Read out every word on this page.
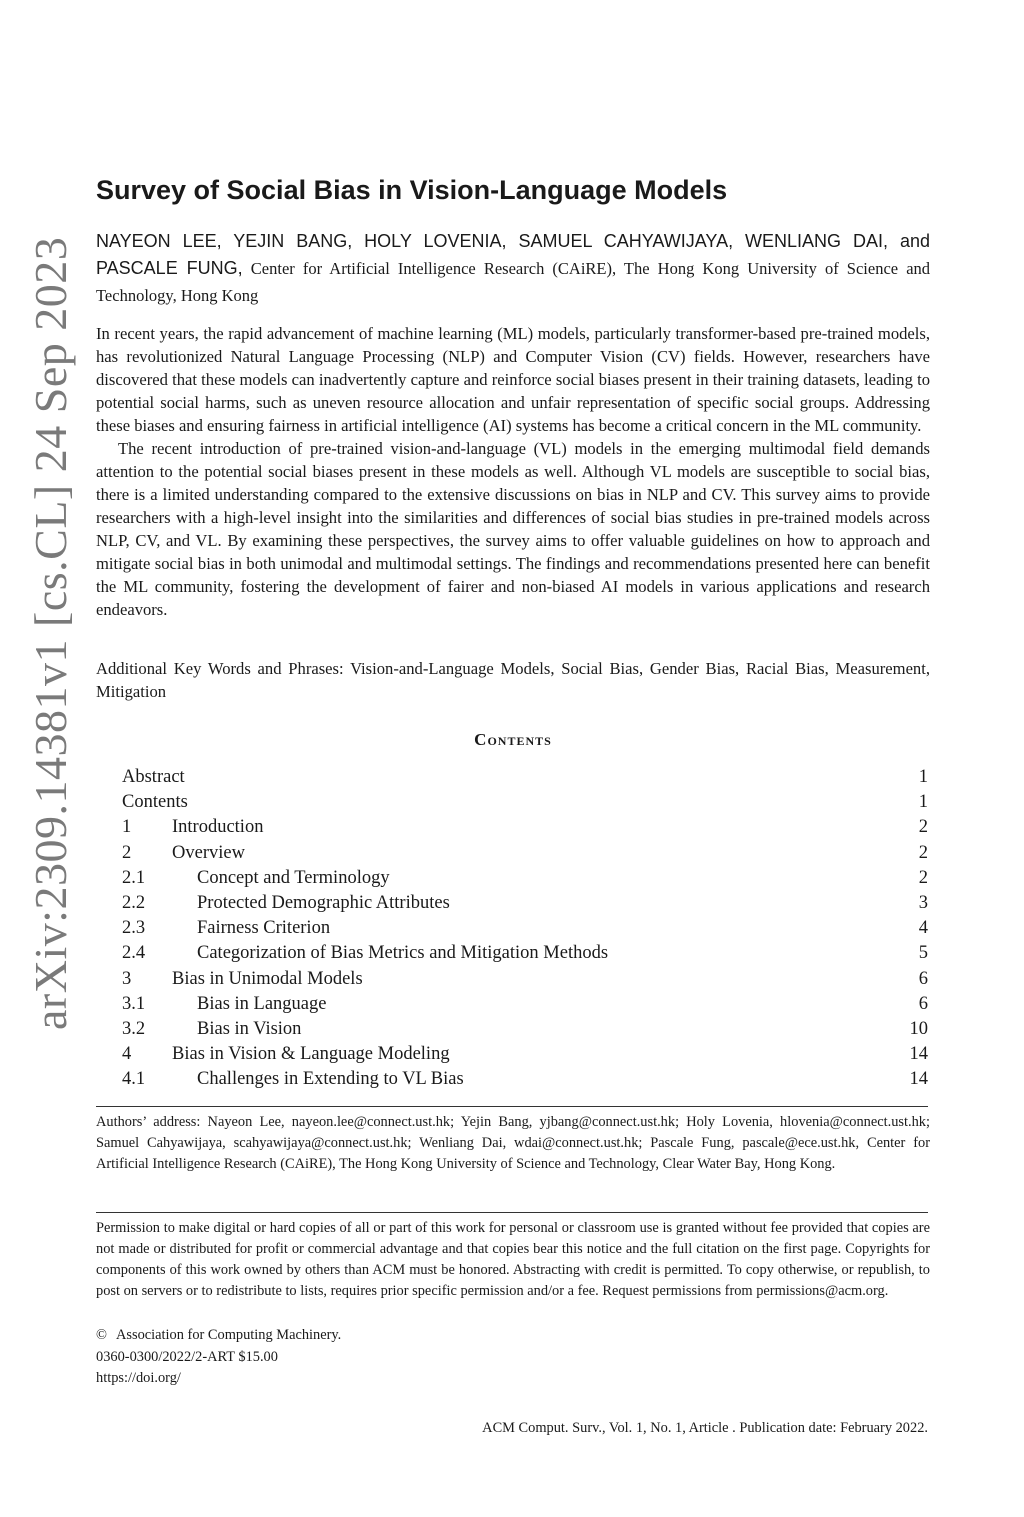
arXiv:2309.14381v1 [cs.CL] 24 Sep 2023
Survey of Social Bias in Vision-Language Models
NAYEON LEE, YEJIN BANG, HOLY LOVENIA, SAMUEL CAHYAWIJAYA, WENLIANG DAI, and PASCALE FUNG, Center for Artificial Intelligence Research (CAiRE), The Hong Kong University of Science and Technology, Hong Kong

In recent years, the rapid advancement of machine learning (ML) models, particularly transformer-based pre-trained models, has revolutionized Natural Language Processing (NLP) and Computer Vision (CV) fields. However, researchers have discovered that these models can inadvertently capture and reinforce social biases present in their training datasets, leading to potential social harms, such as uneven resource allocation and unfair representation of specific social groups. Addressing these biases and ensuring fairness in artificial intelligence (AI) systems has become a critical concern in the ML community.

The recent introduction of pre-trained vision-and-language (VL) models in the emerging multimodal field demands attention to the potential social biases present in these models as well. Although VL models are susceptible to social bias, there is a limited understanding compared to the extensive discussions on bias in NLP and CV. This survey aims to provide researchers with a high-level insight into the similarities and differences of social bias studies in pre-trained models across NLP, CV, and VL. By examining these perspectives, the survey aims to offer valuable guidelines on how to approach and mitigate social bias in both unimodal and multimodal settings. The findings and recommendations presented here can benefit the ML community, fostering the development of fairer and non-biased AI models in various applications and research endeavors.

Additional Key Words and Phrases: Vision-and-Language Models, Social Bias, Gender Bias, Racial Bias, Measurement, Mitigation
Contents
Abstract	1
Contents	1
1 Introduction	2
2 Overview	2
2.1	Concept and Terminology	2
2.2	Protected Demographic Attributes	3
2.3	Fairness Criterion	4
2.4	Categorization of Bias Metrics and Mitigation Methods	5
3 Bias in Unimodal Models	6
3.1	Bias in Language	6
3.2	Bias in Vision	10
4 Bias in Vision & Language Modeling	14
4.1	Challenges in Extending to VL Bias	14
Authors’ address: Nayeon Lee, nayeon.lee@connect.ust.hk; Yejin Bang, yjbang@connect.ust.hk; Holy Lovenia, hlovenia@connect.ust.hk; Samuel Cahyawijaya, scahyawijaya@connect.ust.hk; Wenliang Dai, wdai@connect.ust.hk; Pascale Fung, pascale@ece.ust.hk, Center for Artificial Intelligence Research (CAiRE), The Hong Kong University of Science and Technology, Clear Water Bay, Hong Kong.

Permission to make digital or hard copies of all or part of this work for personal or classroom use is granted without fee provided that copies are not made or distributed for profit or commercial advantage and that copies bear this notice and the full citation on the first page. Copyrights for components of this work owned by others than ACM must be honored. Abstracting with credit is permitted. To copy otherwise, or republish, to post on servers or to redistribute to lists, requires prior specific permission and/or a fee. Request permissions from permissions@acm.org.

© Association for Computing Machinery.
0360-0300/2022/2-ART $15.00
https://doi.org/
ACM Comput. Surv., Vol. 1, No. 1, Article . Publication date: February 2022.
